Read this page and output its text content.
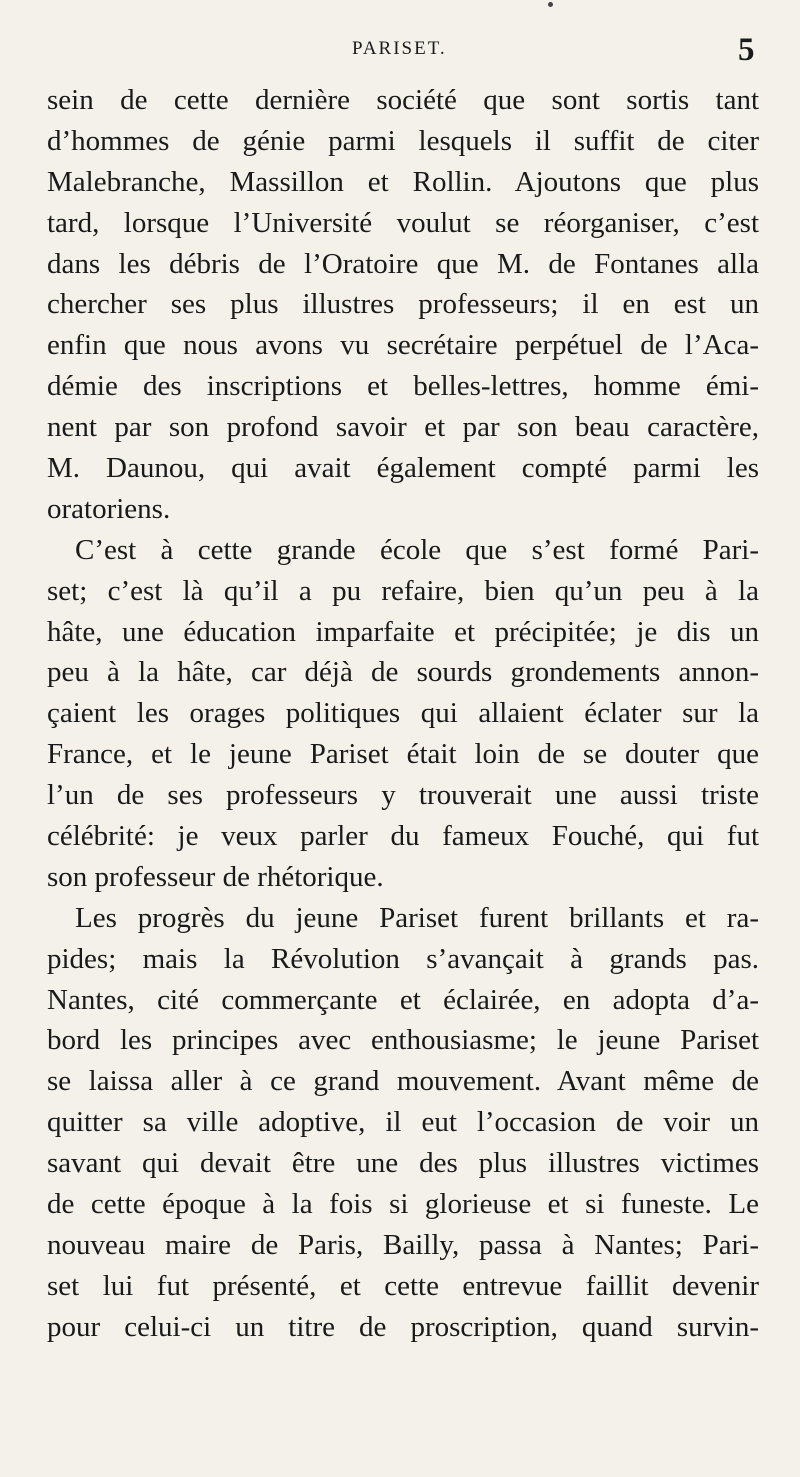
PARISET.	5
sein de cette dernière société que sont sortis tant
d’hommes de génie parmi lesquels il suffit de citer
Malebranche, Massillon et Rollin. Ajoutons que plus
tard, lorsque l’Université voulut se réorganiser, c’est
dans les débris de l’Oratoire que M. de Fontanes alla
chercher ses plus illustres professeurs; il en est un
enfin que nous avons vu secrétaire perpétuel de l’Aca-
démie des inscriptions et belles-lettres, homme émi-
nent par son profond savoir et par son beau caractère,
M. Daunou, qui avait également compté parmi les
oratoriens.
C’est à cette grande école que s’est formé Pari-
set; c’est là qu’il a pu refaire, bien qu’un peu à la
hâte, une éducation imparfaite et précipitée; je dis un
peu à la hâte, car déjà de sourds grondements annon-
çaient les orages politiques qui allaient éclater sur la
France, et le jeune Pariset était loin de se douter que
l’un de ses professeurs y trouverait une aussi triste
célébrité: je veux parler du fameux Fouché, qui fut
son professeur de rhétorique.
Les progrès du jeune Pariset furent brillants et ra-
pides; mais la Révolution s’avançait à grands pas.
Nantes, cité commerçante et éclairée, en adopta d’a-
bord les principes avec enthousiasme; le jeune Pariset
se laissa aller à ce grand mouvement. Avant même de
quitter sa ville adoptive, il eut l’occasion de voir un
savant qui devait être une des plus illustres victimes
de cette époque à la fois si glorieuse et si funeste. Le
nouveau maire de Paris, Bailly, passa à Nantes; Pari-
set lui fut présenté, et cette entrevue faillit devenir
pour celui-ci un titre de proscription, quand survin-
